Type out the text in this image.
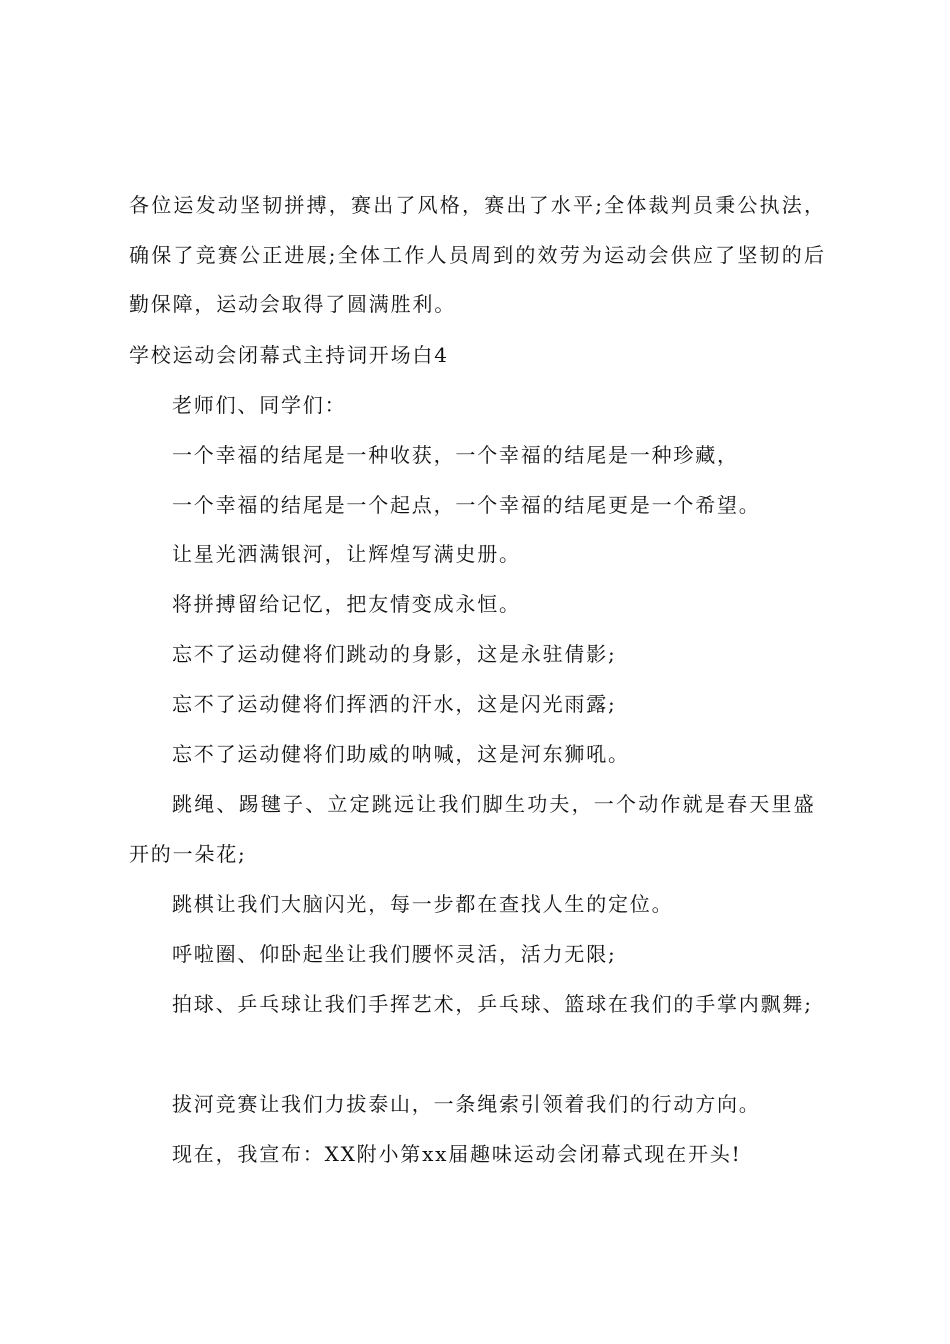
各位运发动坚韧拼搏，赛出了风格，赛出了水平;全体裁判员秉公执法，
确保了竞赛公正进展;全体工作人员周到的效劳为运动会供应了坚韧的后
勤保障，运动会取得了圆满胜利。
学校运动会闭幕式主持词开场白4
老师们、同学们：
一个幸福的结尾是一种收获，一个幸福的结尾是一种珍藏，
一个幸福的结尾是一个起点，一个幸福的结尾更是一个希望。
让星光洒满银河，让辉煌写满史册。
将拼搏留给记忆，把友情变成永恒。
忘不了运动健将们跳动的身影，这是永驻倩影;
忘不了运动健将们挥洒的汗水，这是闪光雨露;
忘不了运动健将们助威的呐喊，这是河东狮吼。
跳绳、踢毽子、立定跳远让我们脚生功夫，一个动作就是春天里盛
开的一朵花;
跳棋让我们大脑闪光，每一步都在查找人生的定位。
呼啦圈、仰卧起坐让我们腰怀灵活，活力无限;
拍球、乒乓球让我们手挥艺术，乒乓球、篮球在我们的手掌内飘舞;
拔河竞赛让我们力拔泰山，一条绳索引领着我们的行动方向。
现在，我宣布：XX附小第xx届趣味运动会闭幕式现在开头!
